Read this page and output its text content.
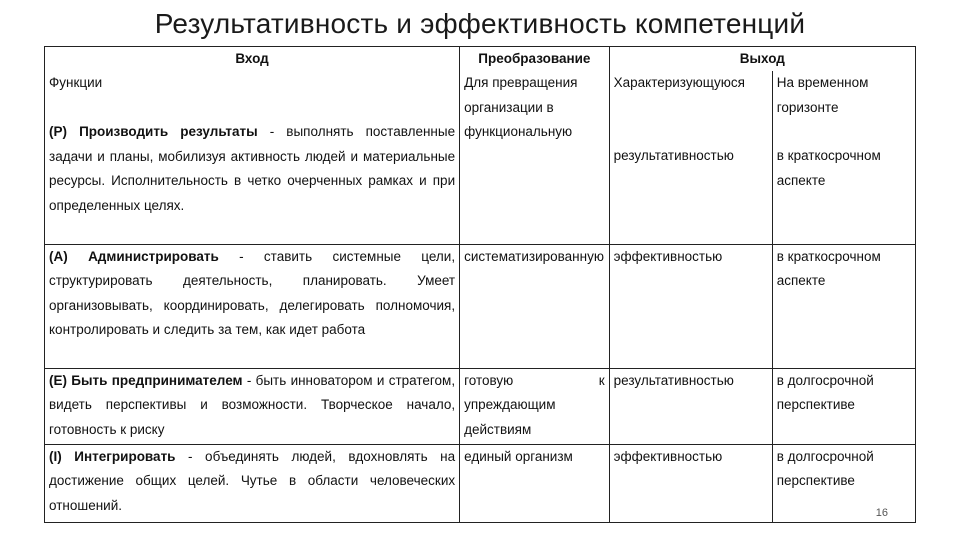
Результативность и эффективность компетенций
Вход	Преобразование	Выход	
Функции	Для превращения организации в функциональную	Характеризующуюся	На временном горизонте
(P) Производить результаты - выполнять поставленные задачи и планы, мобилизуя активность людей и материальные ресурсы. Исполнительность в четко очерченных рамках и при определенных целях.		результативностью	в краткосрочном аспекте
(A) Администрировать - ставить системные цели, структурировать деятельность, планировать. Умеет организовывать, координировать, делегировать полномочия, контролировать и следить за тем, как идет работа	систематизированную	эффективностью	в краткосрочном аспекте
(E) Быть предпринимателем - быть инноватором и стратегом, видеть перспективы и возможности. Творческое начало, готовность к риску	готовую к упреждающим действиям	результативностью	в долгосрочной перспективе
(I) Интегрировать - объединять людей, вдохновлять на достижение общих целей. Чутье в области человеческих отношений.	единый организм	эффективностью	в долгосрочной перспективе
16
